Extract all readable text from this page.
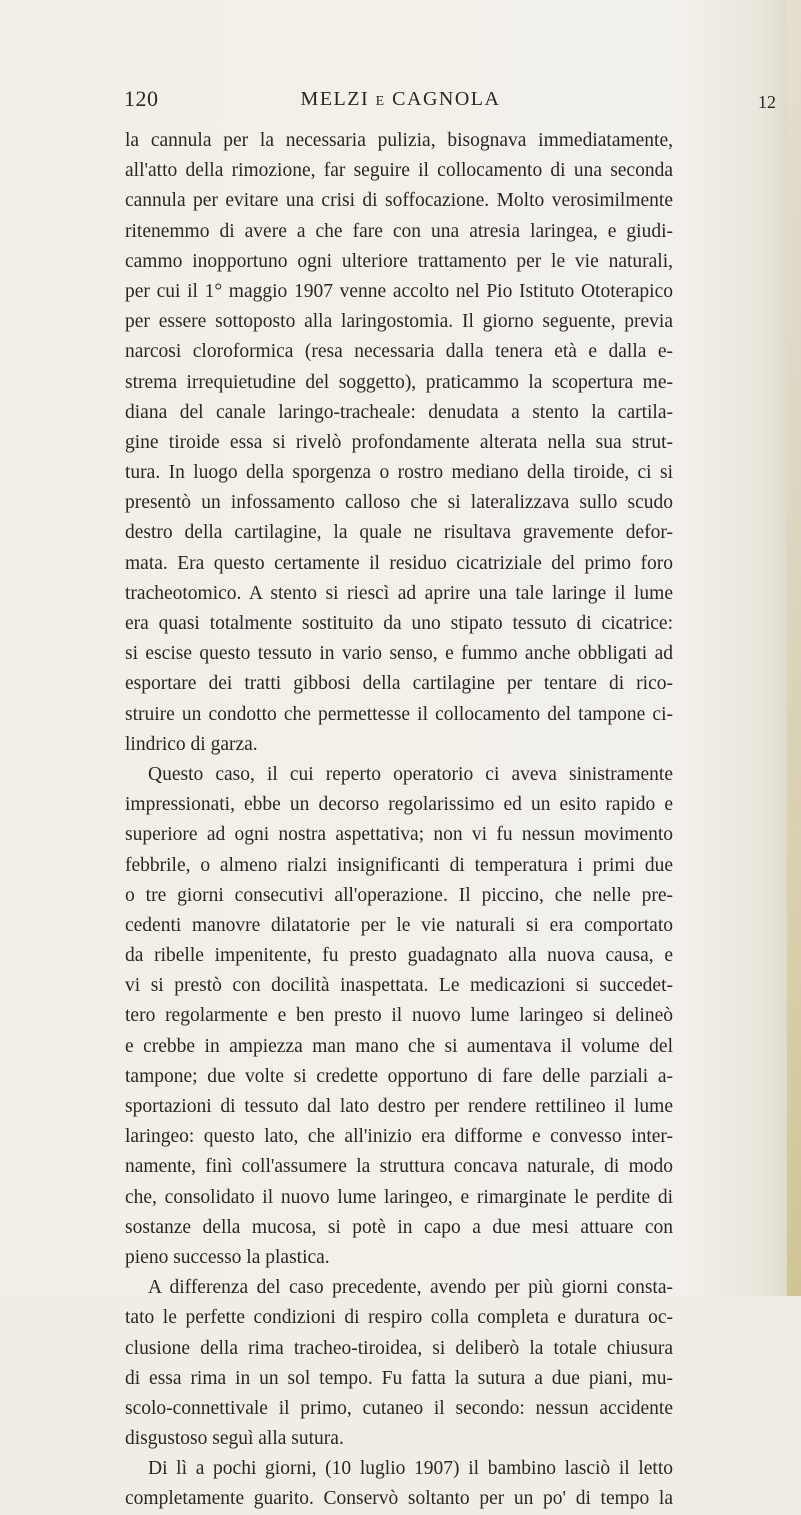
120	MELZI e CAGNOLA	12
la cannula per la necessaria pulizia, bisognava immediatamente,
all'atto della rimozione, far seguire il collocamento di una seconda
cannula per evitare una crisi di soffocazione. Molto verosimilmente
ritenemmo di avere a che fare con una atresia laringea, e giudi-
cammo inopportuno ogni ulteriore trattamento per le vie naturali,
per cui il 1° maggio 1907 venne accolto nel Pio Istituto Ototerapico
per essere sottoposto alla laringostomia. Il giorno seguente, previa
narcosi cloroformica (resa necessaria dalla tenera età e dalla e-
strema irrequietudine del soggetto), praticammo la scopertura me-
diana del canale laringo-tracheale: denudata a stento la cartila-
gine tiroide essa si rivelò profondamente alterata nella sua strut-
tura. In luogo della sporgenza o rostro mediano della tiroide, ci si
presentò un infossamento calloso che si lateralizzava sullo scudo
destro della cartilagine, la quale ne risultava gravemente defor-
mata. Era questo certamente il residuo cicatriziale del primo foro
tracheotomico. A stento si riescì ad aprire una tale laringe il lume
era quasi totalmente sostituito da uno stipato tessuto di cicatrice:
si escise questo tessuto in vario senso, e fummo anche obbligati ad
esportare dei tratti gibbosi della cartilagine per tentare di rico-
struire un condotto che permettesse il collocamento del tampone ci-
lindrico di garza.
Questo caso, il cui reperto operatorio ci aveva sinistramente
impressionati, ebbe un decorso regolarissimo ed un esito rapido e
superiore ad ogni nostra aspettativa; non vi fu nessun movimento
febbrile, o almeno rialzi insignificanti di temperatura i primi due
o tre giorni consecutivi all'operazione. Il piccino, che nelle pre-
cedenti manovre dilatatorie per le vie naturali si era comportato
da ribelle impenitente, fu presto guadagnato alla nuova causa, e
vi si prestò con docilità inaspettata. Le medicazioni si succedet-
tero regolarmente e ben presto il nuovo lume laringeo si delineò
e crebbe in ampiezza man mano che si aumentava il volume del
tampone; due volte si credette opportuno di fare delle parziali a-
sportazioni di tessuto dal lato destro per rendere rettilineo il lume
laringeo: questo lato, che all'inizio era difforme e convesso inter-
namente, finì coll'assumere la struttura concava naturale, di modo
che, consolidato il nuovo lume laringeo, e rimarginate le perdite di
sostanze della mucosa, si potè in capo a due mesi attuare con
pieno successo la plastica.
A differenza del caso precedente, avendo per più giorni consta-
tato le perfette condizioni di respiro colla completa e duratura oc-
clusione della rima tracheo-tiroidea, si deliberò la totale chiusura
di essa rima in un sol tempo. Fu fatta la sutura a due piani, mu-
scolo-connettivale il primo, cutaneo il secondo: nessun accidente
disgustoso seguì alla sutura.
Di lì a pochi giorni, (10 luglio 1907) il bambino lasciò il letto
completamente guarito. Conservò soltanto per un po' di tempo la
